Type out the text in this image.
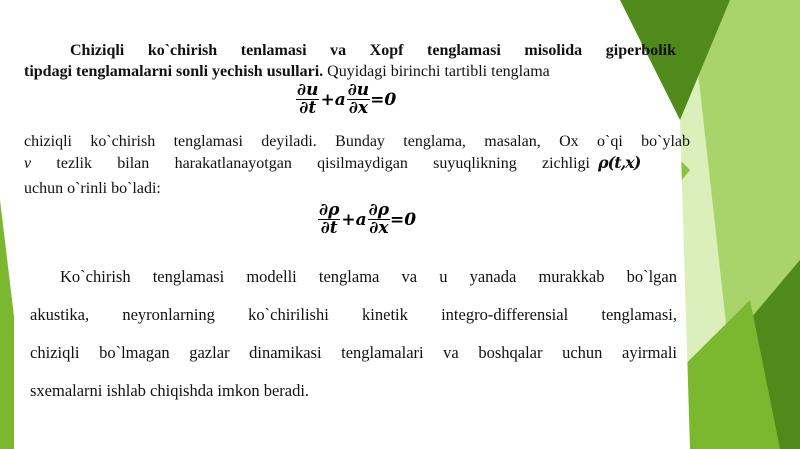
Chiziqli ko`chirish tenlamasi va Xopf tenglamasi misolida giperbolik
tipdagi tenglamalarni sonli yechish usullari. Quyidagi birinchi tartibli tenglama
$\frac{\partial u}{\partial t} +a \frac{\partial u}{\partial x} =0$
chiziqli ko`chirish tenglamasi deyiladi. Bunday tenglama, masalan, Ox o`qi bo`ylab
v tezlik bilan harakatlanayotgan qisilmaydigan suyuqlikning zichligi ρ(t,x)
uchun o`rinli bo`ladi:
$\frac{\partial\rho}{\partial t} +a \frac{\partial\rho}{\partial x} =0$
Ko`chirish tenglamasi modelli tenglama va u yanada murakkab bo`lgan
akustika, neyronlarning ko`chirilishi kinetik integro-differensial tenglamasi,
chiziqli bo`lmagan gazlar dinamikasi tenglamalari va boshqalar uchun ayirmali
sxemalarni ishlab chiqishda imkon beradi.
